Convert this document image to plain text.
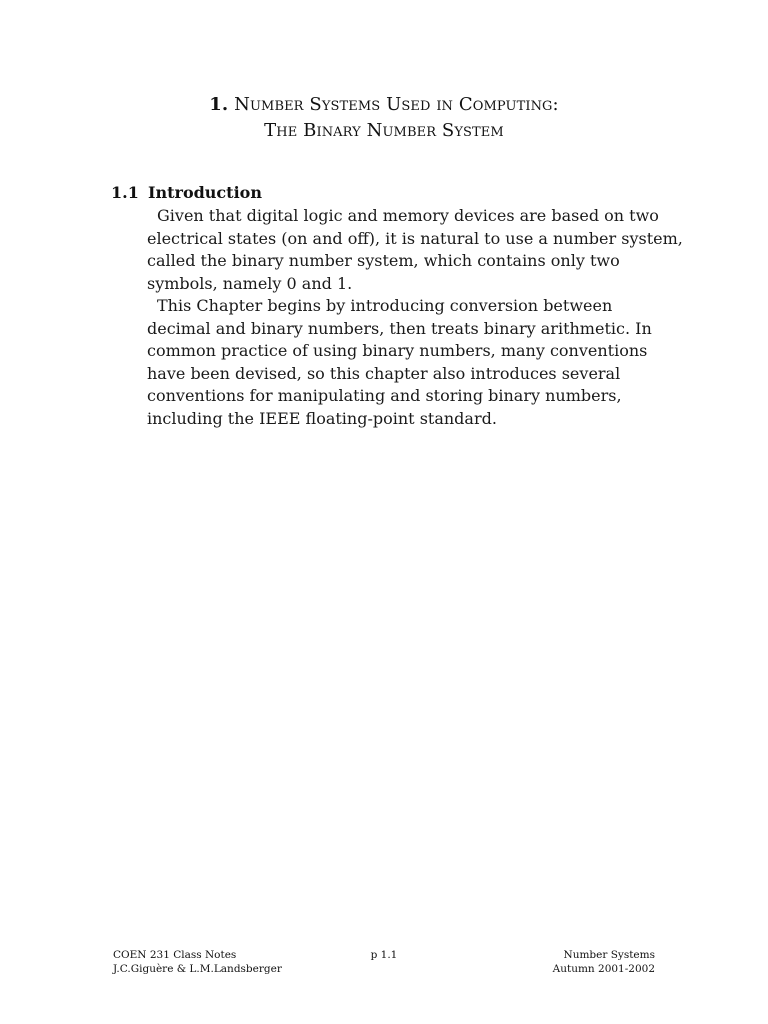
1. Number Systems Used in Computing:
The Binary Number System
1.1 Introduction

Given that digital logic and memory devices are based on two
electrical states (on and off), it is natural to use a number system,
called the binary number system, which contains only two
symbols, namely 0 and 1.

This Chapter begins by introducing conversion between
decimal and binary numbers, then treats binary arithmetic. In
common practice of using binary numbers, many conventions
have been devised, so this chapter also introduces several
conventions for manipulating and storing binary numbers,
including the IEEE floating-point standard.

COEN 231 Class Notes
J.C.Giguère & L.M.Landsberger
p 1.1	Number Systems
Autumn 2001-2002
